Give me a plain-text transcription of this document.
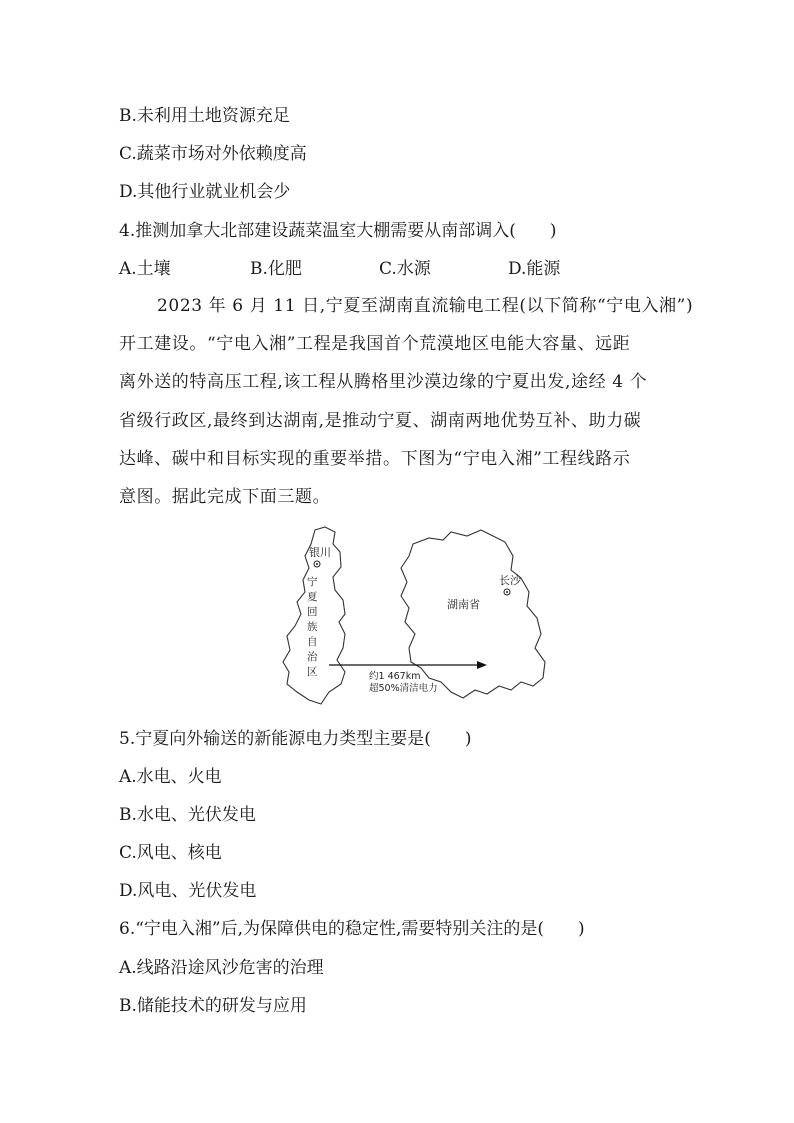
B.未利用土地资源充足
C.蔬菜市场对外依赖度高
D.其他行业就业机会少
4.推测加拿大北部建设蔬菜温室大棚需要从南部调入(　　)
A.土壤	B.化肥	C.水源	D.能源
2023 年 6 月 11 日,宁夏至湖南直流输电工程(以下简称“宁电入湘”)
开工建设。“宁电入湘”工程是我国首个荒漠地区电能大容量、远距
离外送的特高压工程,该工程从腾格里沙漠边缘的宁夏出发,途经 4 个
省级行政区,最终到达湖南,是推动宁夏、湖南两地优势互补、助力碳
达峰、碳中和目标实现的重要举措。下图为“宁电入湘”工程线路示
意图。据此完成下面三题。
银川
宁
夏
回
族
自
治
区
长沙
湖南省
约1 467km
超50%清洁电力
5.宁夏向外输送的新能源电力类型主要是(　　)
A.水电、火电
B.水电、光伏发电
C.风电、核电
D.风电、光伏发电
6.“宁电入湘”后,为保障供电的稳定性,需要特别关注的是(　　)
A.线路沿途风沙危害的治理
B.储能技术的研发与应用
